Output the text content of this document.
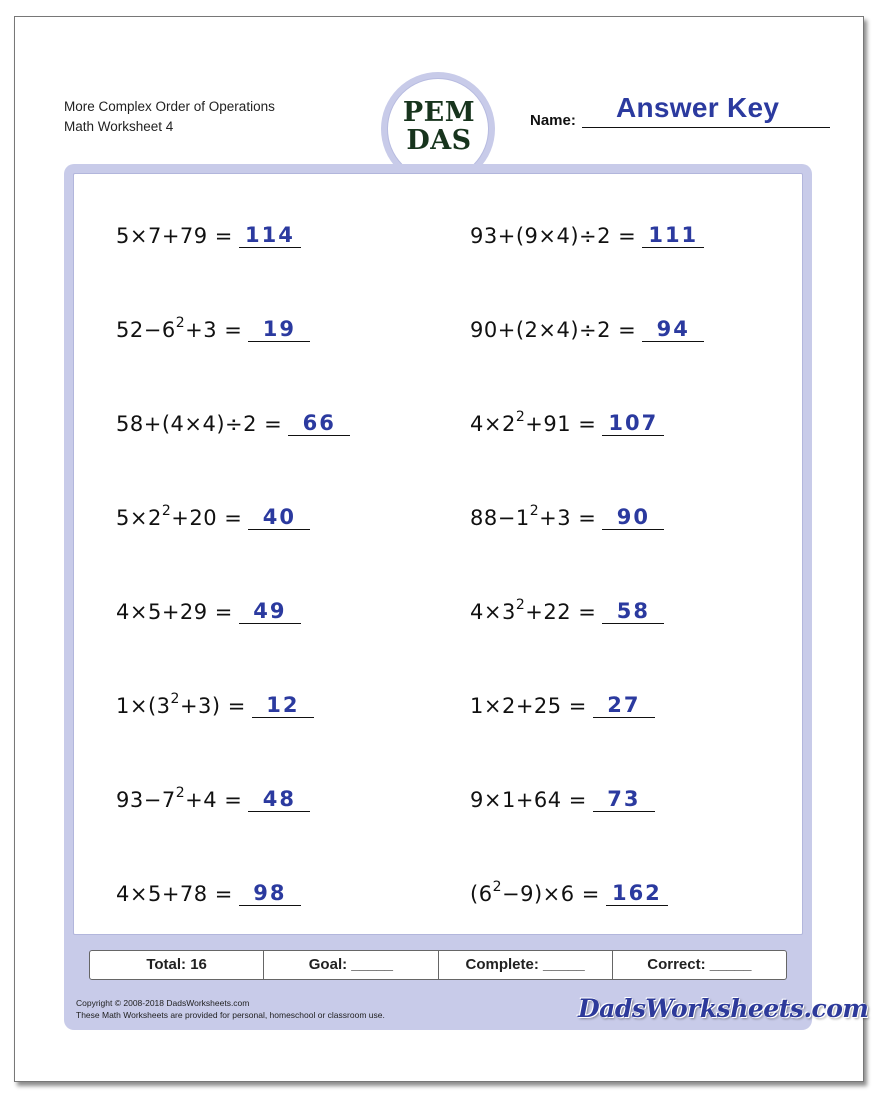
More Complex Order of Operations
Math Worksheet 4	PEM
DAS
Name: Answer Key
5×7+79 = 114	93+(9×4)÷2 = 111
$52-6^2+3 = 19$	90+(2×4)÷2 = 94
58+(4×4)÷2 = 66	$4\times 2^2+91 = 107$
$5\times 2^2+20 = 40$	$88-1^2+3 = 90$
4×5+29 = 49	$4\times 3^2+22 = 58$
$1\times(3^2+3) = 12$	1×2+25 = 27
$93-7^2+4 = 48$	9×1+64 = 73
4×5+78 = 98	$(6^2-9)\times 6 = 162$
Total: 16	Goal: _____	Complete: _____	Correct: _____
Copyright © 2008-2018 DadsWorksheets.com
These Math Worksheets are provided for personal, homeschool or classroom use.	DadsWorksheets.com
